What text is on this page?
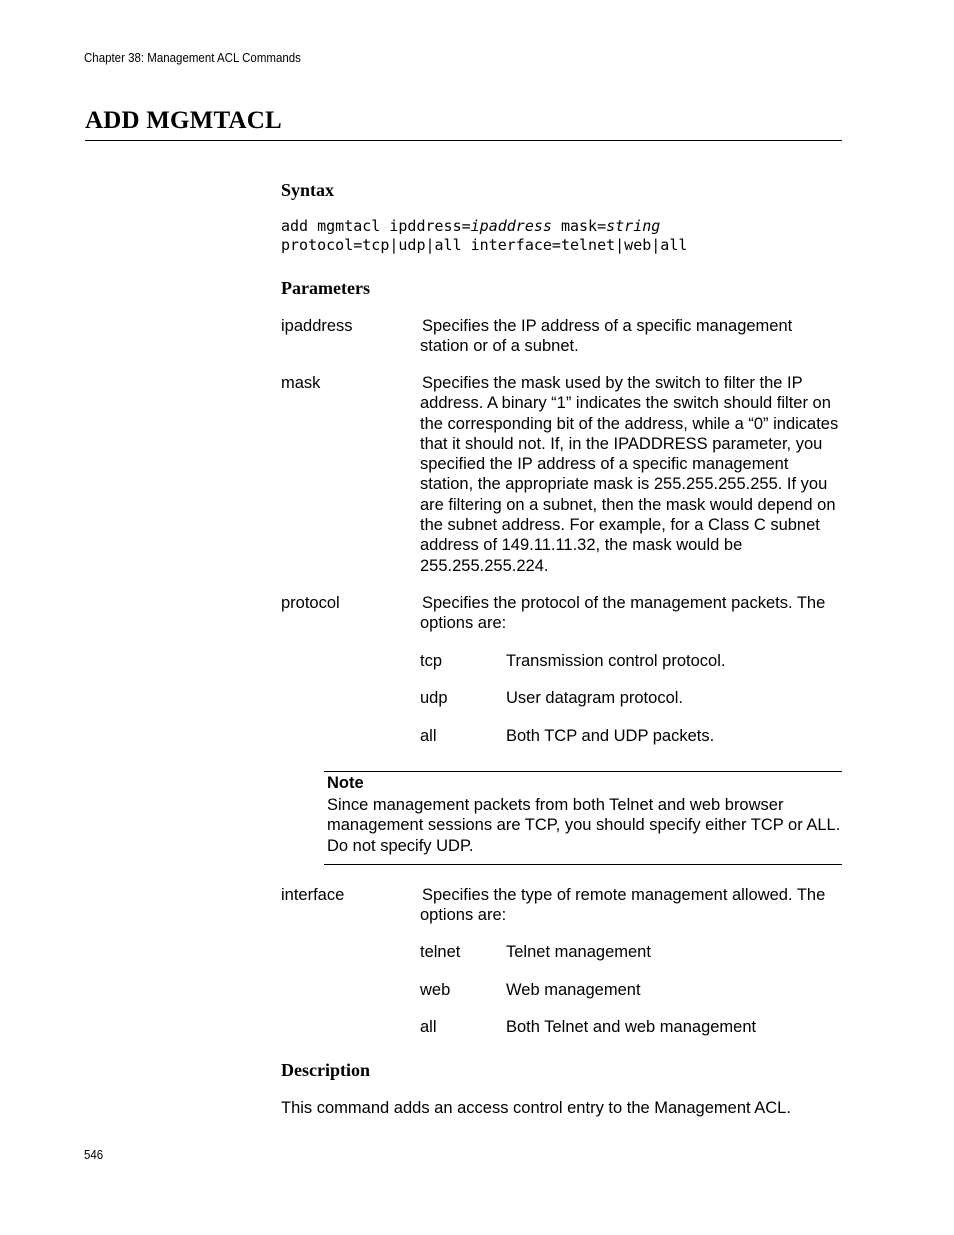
Chapter 38: Management ACL Commands
ADD MGMTACL
Syntax
add mgmtacl ipddress=ipaddress mask=string
protocol=tcp|udp|all interface=telnet|web|all
Parameters
ipaddress	Specifies the IP address of a specific management station or of a subnet.

mask	Specifies the mask used by the switch to filter the IP address. A binary “1” indicates the switch should filter on the corresponding bit of the address, while a “0” indicates that it should not. If, in the IPADDRESS parameter, you specified the IP address of a specific management station, the appropriate mask is 255.255.255.255. If you are filtering on a subnet, then the mask would depend on the subnet address. For example, for a Class C subnet address of 149.11.11.32, the mask would be 255.255.255.224.

protocol	Specifies the protocol of the management packets. The options are:

tcp	Transmission control protocol.
udp	User datagram protocol.
all	Both TCP and UDP packets.
Note
Since management packets from both Telnet and web browser management sessions are TCP, you should specify either TCP or ALL. Do not specify UDP.
interface	Specifies the type of remote management allowed. The options are:

telnet	Telnet management
web	Web management
all	Both Telnet and web management
Description
This command adds an access control entry to the Management ACL.
546
